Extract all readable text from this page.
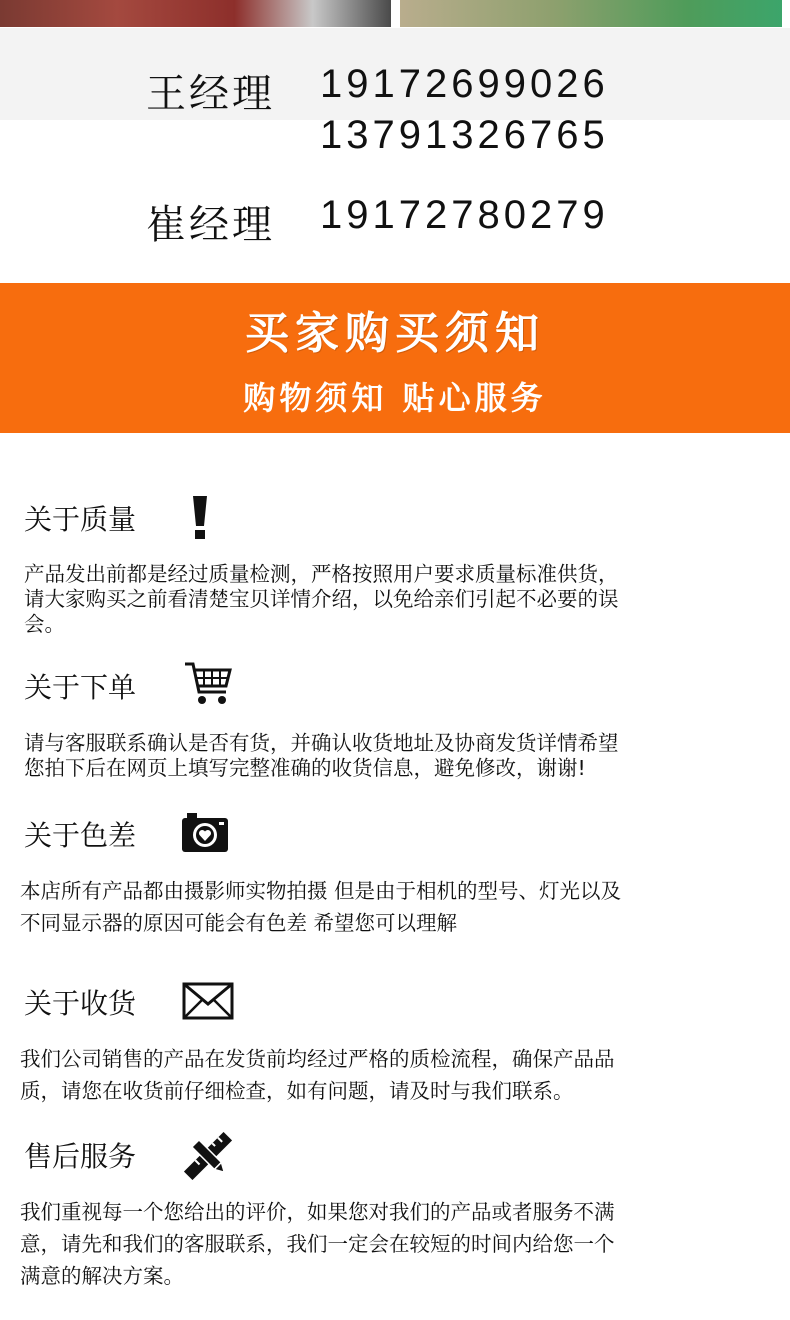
王经理 19172699026
13791326765
崔经理 19172780279
买家购买须知
购物须知 贴心服务
关于质量
产品发出前都是经过质量检测，严格按照用户要求质量标准供货，
请大家购买之前看清楚宝贝详情介绍，以免给亲们引起不必要的误
会。
关于下单
请与客服联系确认是否有货，并确认收货地址及协商发货详情希望
您拍下后在网页上填写完整准确的收货信息，避免修改，谢谢!
关于色差
本店所有产品都由摄影师实物拍摄 但是由于相机的型号、灯光以及
不同显示器的原因可能会有色差 希望您可以理解
关于收货
我们公司销售的产品在发货前均经过严格的质检流程，确保产品品
质，请您在收货前仔细检查，如有问题，请及时与我们联系。
售后服务
我们重视每一个您给出的评价，如果您对我们的产品或者服务不满
意，请先和我们的客服联系，我们一定会在较短的时间内给您一个
满意的解决方案。
